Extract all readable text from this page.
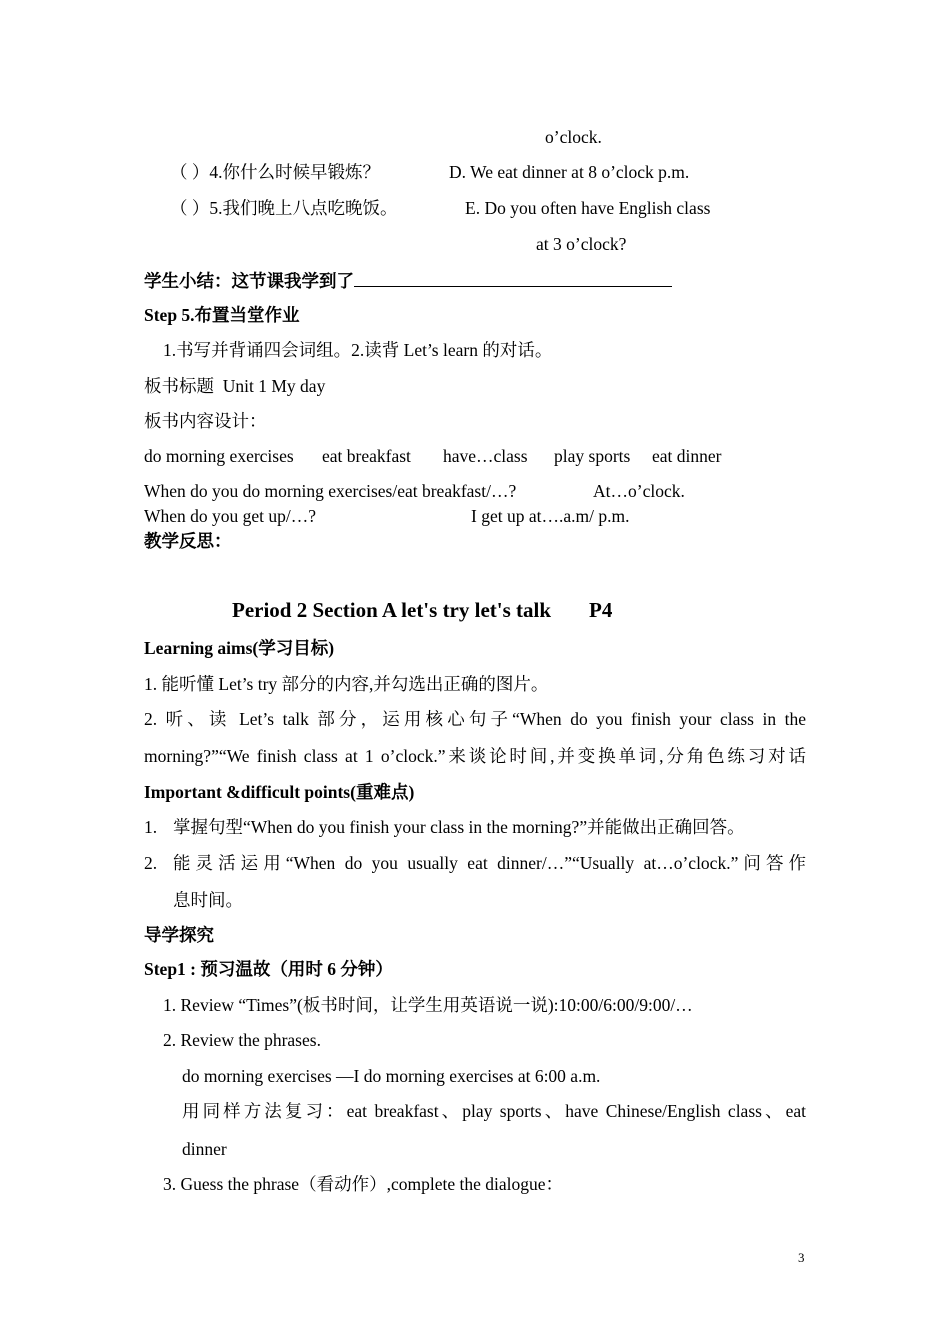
o’clock.
（ ）4.你什么时候早锻炼？	D. We eat dinner at 8 o’clock p.m.
（ ）5.我们晚上八点吃晚饭。	E. Do you often have English class
at 3 o’clock?
学生小结：这节课我学到了
Step 5.布置当堂作业
1.书写并背诵四会词组。2.读背 Let’s learn 的对话。
板书标题 Unit 1 My day
板书内容设计：
do morning exercises eat breakfast have…class play sports eat dinner
When do you do morning exercises/eat breakfast/…?	At…o’clock.
When do you get up/…?	I get up at….a.m/ p.m.
教学反思：
Period 2 Section A let's try let's talk P4
Learning aims(学习目标)
1. 能听懂 Let’s try 部分的内容,并勾选出正确的图片。
2. 听、读 Let’s talk 部分，运用核心句子“When do you finish your class in the
morning?”“We finish class at 1 o’clock.”来谈论时间,并变换单词,分角色练习对话
Important &difficult points(重难点)
1. 掌握句型“When do you finish your class in the morning?”并能做出正确回答。
2. 能灵活运用“When do you usually eat dinner/…”“Usually at…o’clock.”问答作
息时间。
导学探究
Step1 : 预习温故（用时 6 分钟）
1. Review “Times”(板书时间，让学生用英语说一说):10:00/6:00/9:00/…
2. Review the phrases.
do morning exercises —I do morning exercises at 6:00 a.m.
用同样方法复习：eat breakfast、play sports、have Chinese/English class、eat
dinner
3. Guess the phrase（看动作）,complete the dialogue：
3
